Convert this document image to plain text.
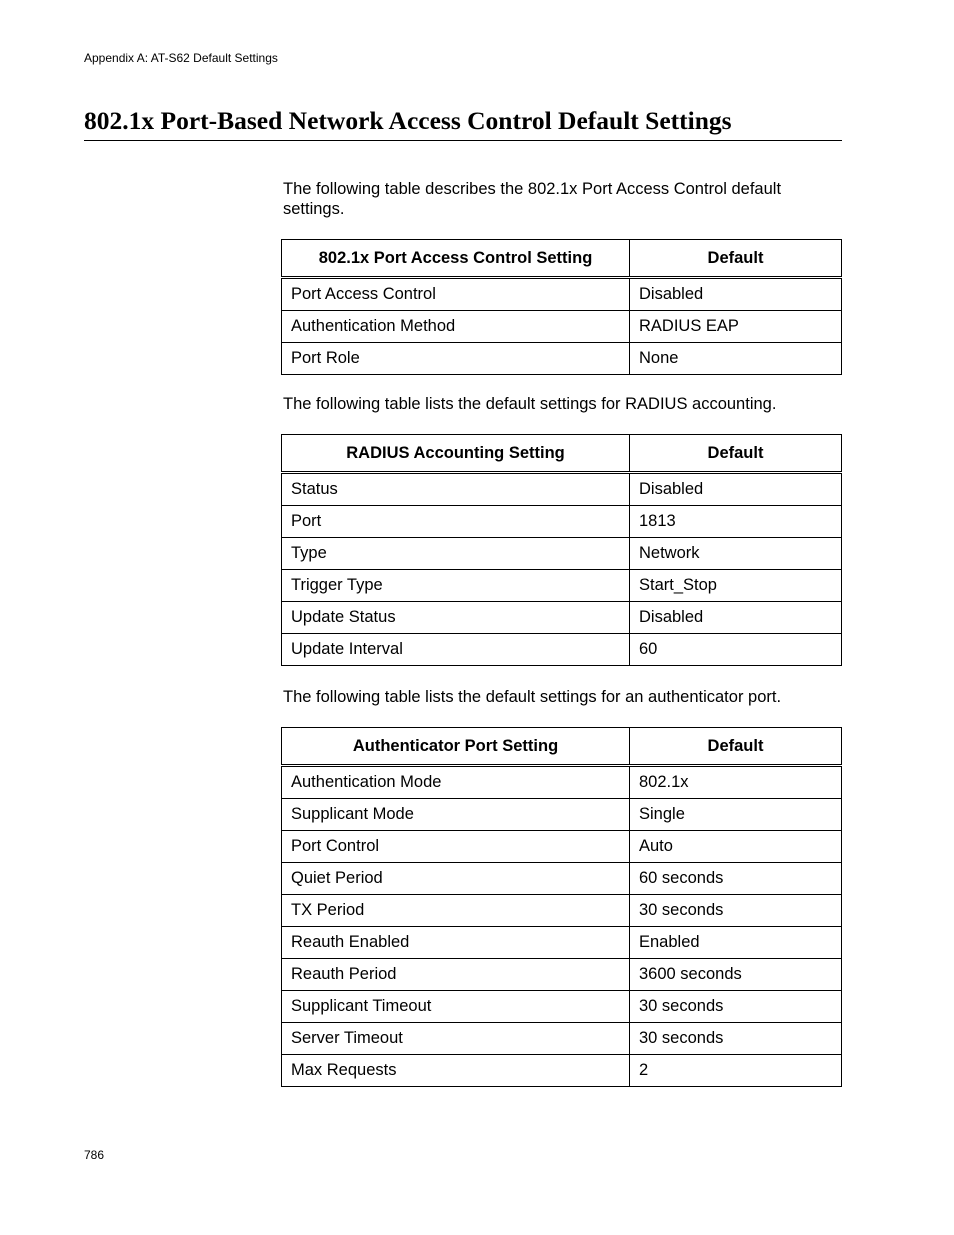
Appendix A: AT-S62 Default Settings
802.1x Port-Based Network Access Control Default Settings

The following table describes the 802.1x Port Access Control default settings.

802.1x Port Access Control Setting	Default
Port Access Control	Disabled
Authentication Method	RADIUS EAP
Port Role	None

The following table lists the default settings for RADIUS accounting.

RADIUS Accounting Setting	Default
Status	Disabled
Port	1813
Type	Network
Trigger Type	Start_Stop
Update Status	Disabled
Update Interval	60

The following table lists the default settings for an authenticator port.

Authenticator Port Setting	Default
Authentication Mode	802.1x
Supplicant Mode	Single
Port Control	Auto
Quiet Period	60 seconds
TX Period	30 seconds
Reauth Enabled	Enabled
Reauth Period	3600 seconds
Supplicant Timeout	30 seconds
Server Timeout	30 seconds
Max Requests	2
786
